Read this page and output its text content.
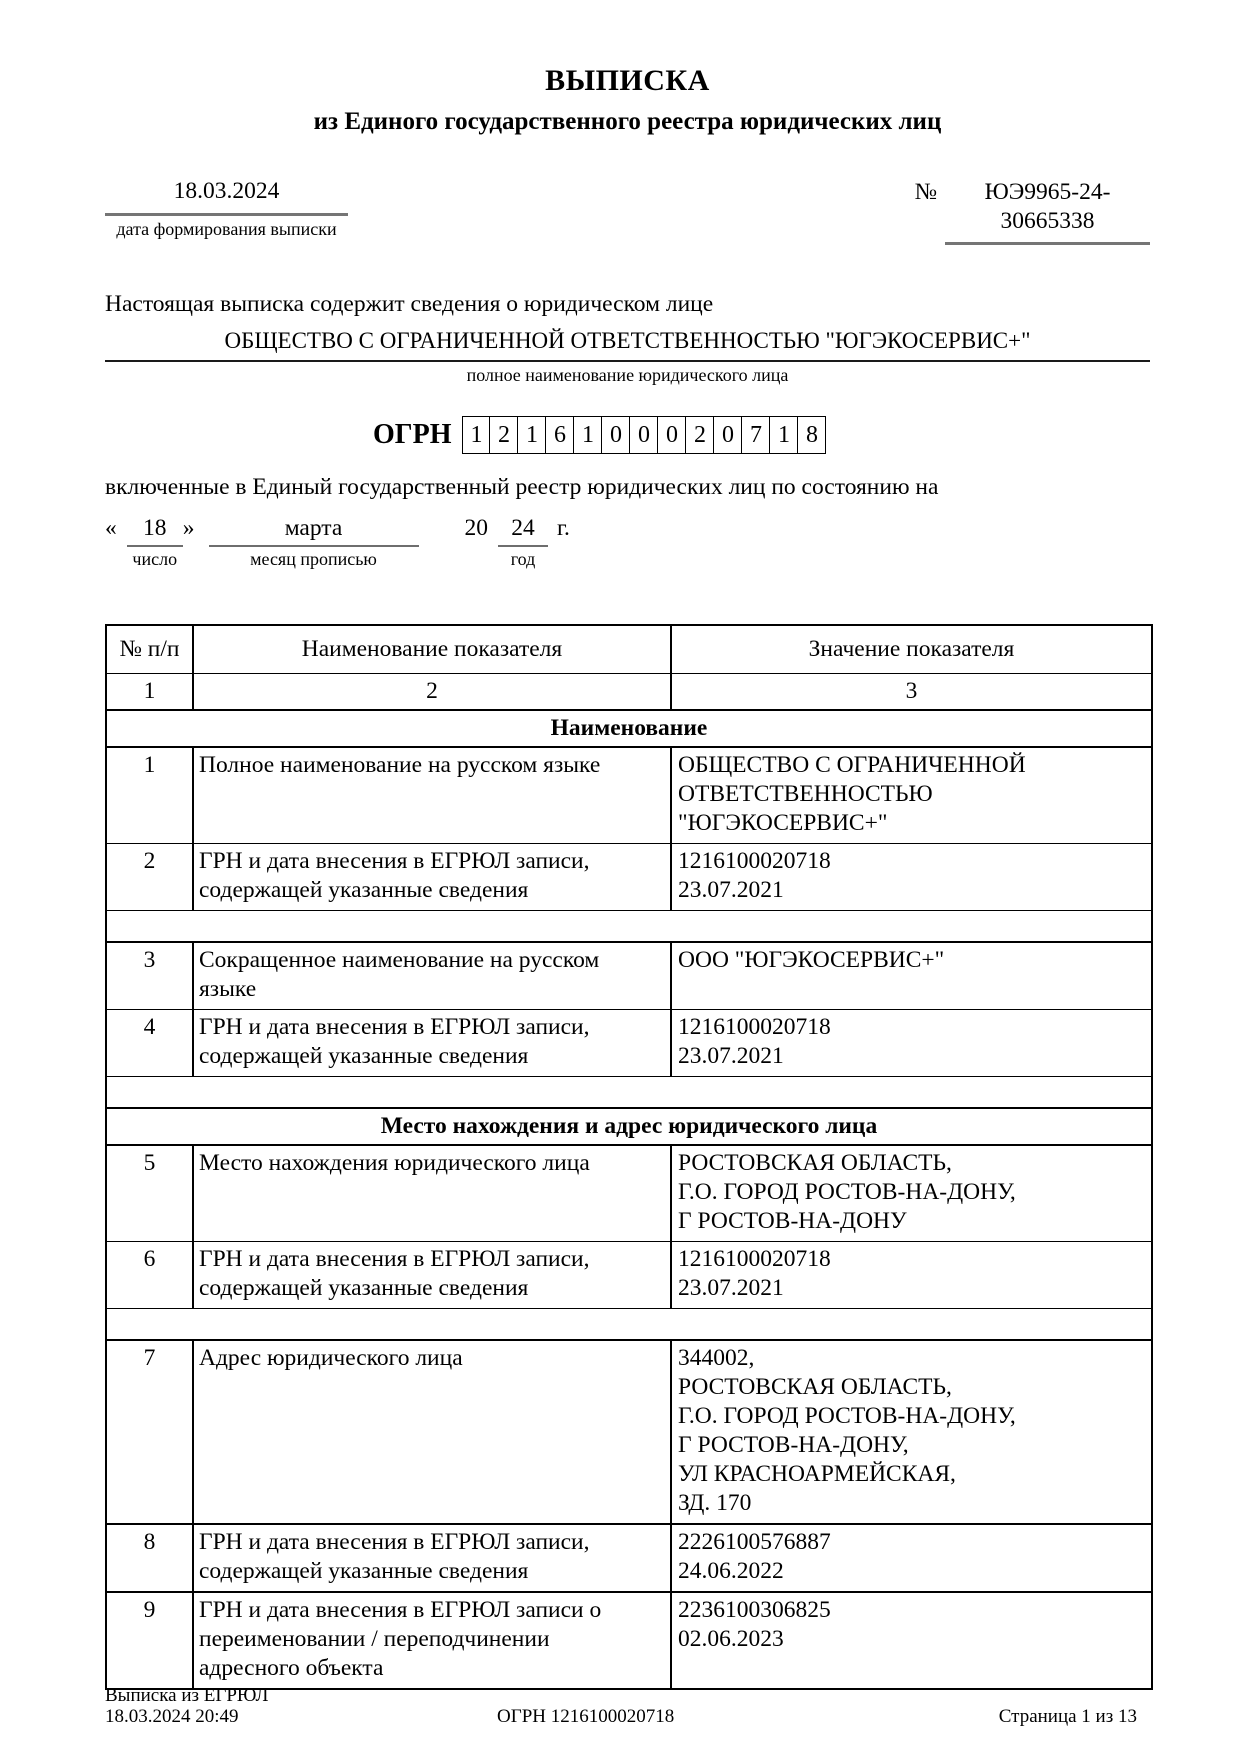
ВЫПИСКА
из Единого государственного реестра юридических лиц
18.03.2024
дата формирования выписки
№	ЮЭ9965-24-
30665338

Настоящая выписка содержит сведения о юридическом лице

ОБЩЕСТВО С ОГРАНИЧЕННОЙ ОТВЕТСТВЕННОСТЬЮ "ЮГЭКОСЕРВИС+"
полное наименование юридического лица
ОГРН 1 2 1 6 1 0 0 0 2 0 7 1 8

включенные в Единый государственный реестр юридических лиц по состоянию на

«	18
число
»	марта
месяц прописью
20 24
год
г.
№ п/п	Наименование показателя	Значение показателя
1	2	3
Наименование		
1	Полное наименование на русском языке	ОБЩЕСТВО С ОГРАНИЧЕННОЙ
ОТВЕТСТВЕННОСТЬЮ
"ЮГЭКОСЕРВИС+"

2	ГРН и дата внесения в ЕГРЮЛ записи, содержащей указанные сведения	1216100020718
23.07.2021

3	Сокращенное наименование на русском языке	ООО "ЮГЭКОСЕРВИС+"

4	ГРН и дата внесения в ЕГРЮЛ записи, содержащей указанные сведения	1216100020718
23.07.2021

Место нахождения и адрес юридического лица		
5	Место нахождения юридического лица	РОСТОВСКАЯ ОБЛАСТЬ,
Г.О. ГОРОД РОСТОВ-НА-ДОНУ,
Г РОСТОВ-НА-ДОНУ

6	ГРН и дата внесения в ЕГРЮЛ записи, содержащей указанные сведения	1216100020718
23.07.2021

7	Адрес юридического лица	344002,
РОСТОВСКАЯ ОБЛАСТЬ,
Г.О. ГОРОД РОСТОВ-НА-ДОНУ,
Г РОСТОВ-НА-ДОНУ,
УЛ КРАСНОАРМЕЙСКАЯ,
ЗД. 170

8	ГРН и дата внесения в ЕГРЮЛ записи, содержащей указанные сведения	2226100576887
24.06.2022

9	ГРН и дата внесения в ЕГРЮЛ записи о переименовании / переподчинении адресного объекта	2236100306825
02.06.2023
Выписка из ЕГРЮЛ
18.03.2024 20:49	ОГРН 1216100020718	Страница 1 из 13
